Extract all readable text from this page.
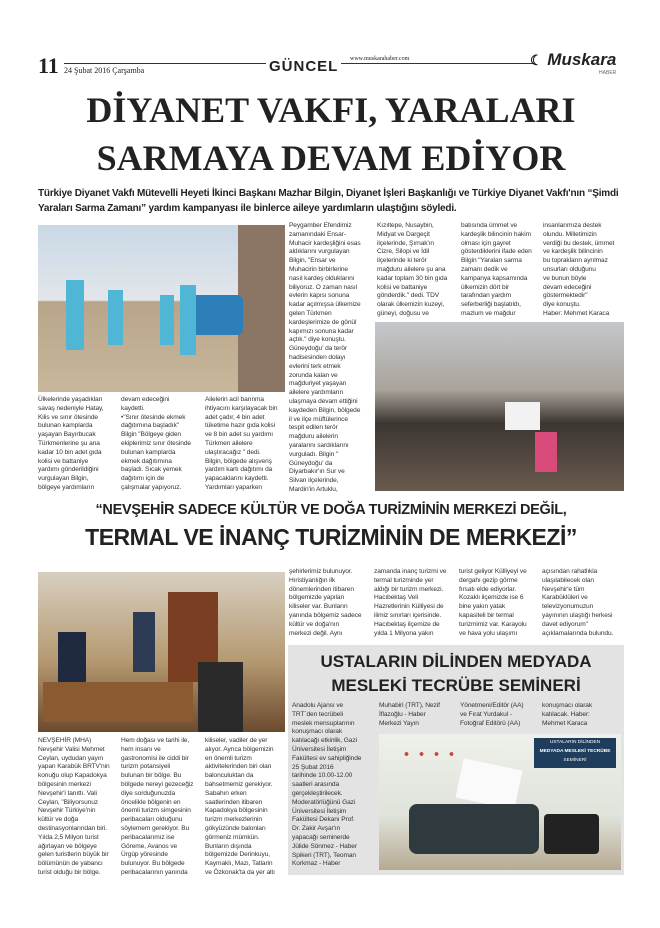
11 24 Şubat 2016 Çarşamba	GÜNCEL	www.muskarahaber.com	☾ Muskara
HABER
DİYANET VAKFI, YARALARI
SARMAYA DEVAM EDİYOR
Türkiye Diyanet Vakfı Mütevelli Heyeti İkinci Başkanı Mazhar Bilgin, Diyanet İşleri Başkanlığı ve Türkiye Diyanet Vakfı'nın “Şimdi Yaraları Sarma Zamanı” yardım kampanyası ile binlerce aileye yardımların ulaştığını söyledi.
Ülkelerinde yaşadıkları
savaş nedeniyle Hatay,
Kilis ve sınır ötesinde
bulunan kamplarda
yaşayan Bayırbucak
Türkmenlerine şu ana
kadar 10 bin adet gıda
kolisi ve battaniye
yardımı gönderildiğini
vurgulayan Bilgin,
bölgeye yardımların
devam edeceğini
kaydetti.
•"Sınır ötesinde ekmek
dağıtımına başladık"
Bilgin "Bölgeye giden
ekiplerimiz sınır ötesinde
bulunan kamplarda
ekmek dağıtımına
başladı. Sıcak yemek
dağıtımı için de
çalışmalar yapıyoruz.
Ailelerin acil barınma
ihtiyacını karşılayacak bin
adet çadır, 4 bin adet
tüketime hazır gıda kolisi
ve 8 bin adet su yardımı
Türkmen ailelere
ulaştıracağız " dedi.
Bilgin, bölgede alışveriş
yardım kartı dağıtımı da
yapacaklarını kaydetti.
Yardımları yaparken
Peygamber Efendimiz
zamanındaki Ensar-
Muhacir kardeşliğini esas
aldıklarını vurgulayan
Bilgin, "Ensar ve
Muhacirin birbirlerine
nasıl kardeş olduklarını
biliyoruz. O zaman nasıl
evlerin kapısı sonuna
kadar açılmışsa ülkemize
gelen Türkmen
kardeşlerimize de gönül
kapımızı sonuna kadar
açtık." diye konuştu.
Güneydoğu' da terör
hadisesinden dolayı
evlerini terk etmek
zorunda kalan ve
mağduriyet yaşayan
ailelere yardımların
ulaşmaya devam ettiğini
kaydeden Bilgin, bölgede
il ve ilçe müftülerince
tespit edilen terör
mağduru ailelerin
yaralarını sardıklarını
vurguladı. Bilgin "
Güneydoğu' da
Diyarbakır'ın Sur ve
Silvan ilçelerinde,
Mardin'in Artuklu,
Kızıltepe, Nusaybin,
Midyat ve Dargeçit
ilçelerinde, Şırnak'ın
Cizre, Silopi ve İdil
ilçelerinde ki terör
mağduru ailelere şu ana
kadar toplam 30 bin gıda
kolisi ve battaniye
gönderdik." dedi. TDV
olarak ülkemizin kuzeyi,
güneyi, doğusu ve
batısında ümmet ve
kardeşlik bilincinin hakim
olması için gayret
gösterdiklerini ifade eden
Bilgin "Yaraları sarma
zamanı dedik ve
kampanya kapsamında
ülkemizin dört bir
tarafından yardım
seferberliği başlatıldı,
mazlum ve mağdur
insanlarımıza destek
olundu. Milletimizin
verdiği bu destek, ümmet
ve kardeşlik bilincinin
bu toprakların ayrılmaz
unsurları olduğunu
ve bunun böyle
devam edeceğini
göstermektedir"
diye konuştu.
Haber: Mehmet Karaca
“NEVŞEHİR SADECE KÜLTÜR VE DOĞA TURİZMİNİN MERKEZİ DEĞİL,
TERMAL VE İNANÇ TURİZMİNİN DE MERKEZİ”
NEVŞEHİR (MHA)
Nevşehir Valisi Mehmet
Ceylan, uydudan yayın
yapan Karabük BRTV'nin
konuğu olup Kapadokya
bölgesinin merkezi
Nevşehir'i tanıttı. Vali
Ceylan, "Biliyorsunuz
Nevşehir Türkiye'nin
kültür ve doğa
destinasyonlarından biri.
Yılda 2,5 Milyon turist
ağırlayan ve bölgeye
gelen turistlerin büyük bir
bölümünün de yabancı
turist olduğu bir bölge.
Hem doğası ve tarihi ile,
hem insanı ve
gastronomisi ile ciddi bir
turizm potansiyeli
bulunan bir bölge. Bu
bölgede nereyi gezeceğiz
diye sorduğunuzda
öncelikle bölgenin en
önemli turizm simgesinin
peribacaları olduğunu
söylemem gerekiyor. Bu
peribacalarımız ise
Göreme, Avanos ve
Ürgüp yöresinde
bulunuyor. Bu bölgede
peribacalarının yanında
kiliseler, vadiler de yer
alıyor. Ayrıca bölgemizin
en önemli turizm
aktivitelerinden biri olan
balonculuktan da
bahsetmemiz gerekiyor.
Sabahın erken
saatlerinden itibaren
Kapadokya bölgesinin
turizm merkezlerinin
gökyüzünde balonları
görmeniz mümkün.
Bunların dışında
bölgemizde Derinkuyu,
Kaymaklı, Mazı, Tatlarin
ve Özkonak'ta da yer altı
şehirlerimiz bulunuyor.
Hıristiyanlığın ilk
dönemlerinden itibaren
bölgemizde yapılan
kiliseler var. Bunların
yanında bölgemiz sadece
kültür ve doğa'nın
merkezi değil. Aynı
zamanda inanç turizmi ve
termal turizminde yer
aldığı bir turizm merkezi.
Hacıbektaş Veli
Hazretlerinin Külliyesi de
ilimiz sınırları içerisinde.
Hacıbektaş ilçemize de
yılda 1 Milyona yakın
turist geliyor Külliyeyi ve
dergahı gezip görme
fırsatı elde ediyorlar.
Kozaklı ilçemizde ise 6
bine yakın yatak
kapasiteli bir termal
turizmimiz var. Karayolu
ve hava yolu ulaşımı
açısından rahatlıkla
ulaşılabilecek olan
Nevşehir'e tüm
Karabüklüleri ve
televizyonumuzun
yayınının ulaştığı herkesi
davet ediyorum"
açıklamalarında bulundu.
USTALARIN DİLİNDEN MEDYADA
MESLEKİ TECRÜBE SEMİNERİ
Anadolu Ajansı ve
TRT`den tecrübeli
meslek mensuplarının
konuşmacı olarak
katılacağı etkinlik, Gazi
Üniversitesi İletişim
Fakültesi ev sahipliğinde
25 Şubat 2016
tarihinde 10.00-12.00
saatleri arasında
gerçekleştirilecek.
Moderatörlüğünü Gazi
Üniversitesi İletişim
Fakültesi Dekanı Prof.
Dr. Zakir Avşar'ın
yapacağı seminerde
Jülide Sönmez - Haber
Spikeri (TRT), Teoman
Korkmaz - Haber
Muhabiri (TRT), Nezif
İflazoğlu - Haber
Merkezi Yayın
Yönetmeni/Editör (AA)
ve Fırat Yurdakul -
Fotoğraf Editörü (AA)
konuşmacı olarak
katılacak. Haber:
Mehmet Karaca
USTALARIN DİLİNDEN
MEDYADA MESLEKİ TECRÜBE
SEMİNERİ
